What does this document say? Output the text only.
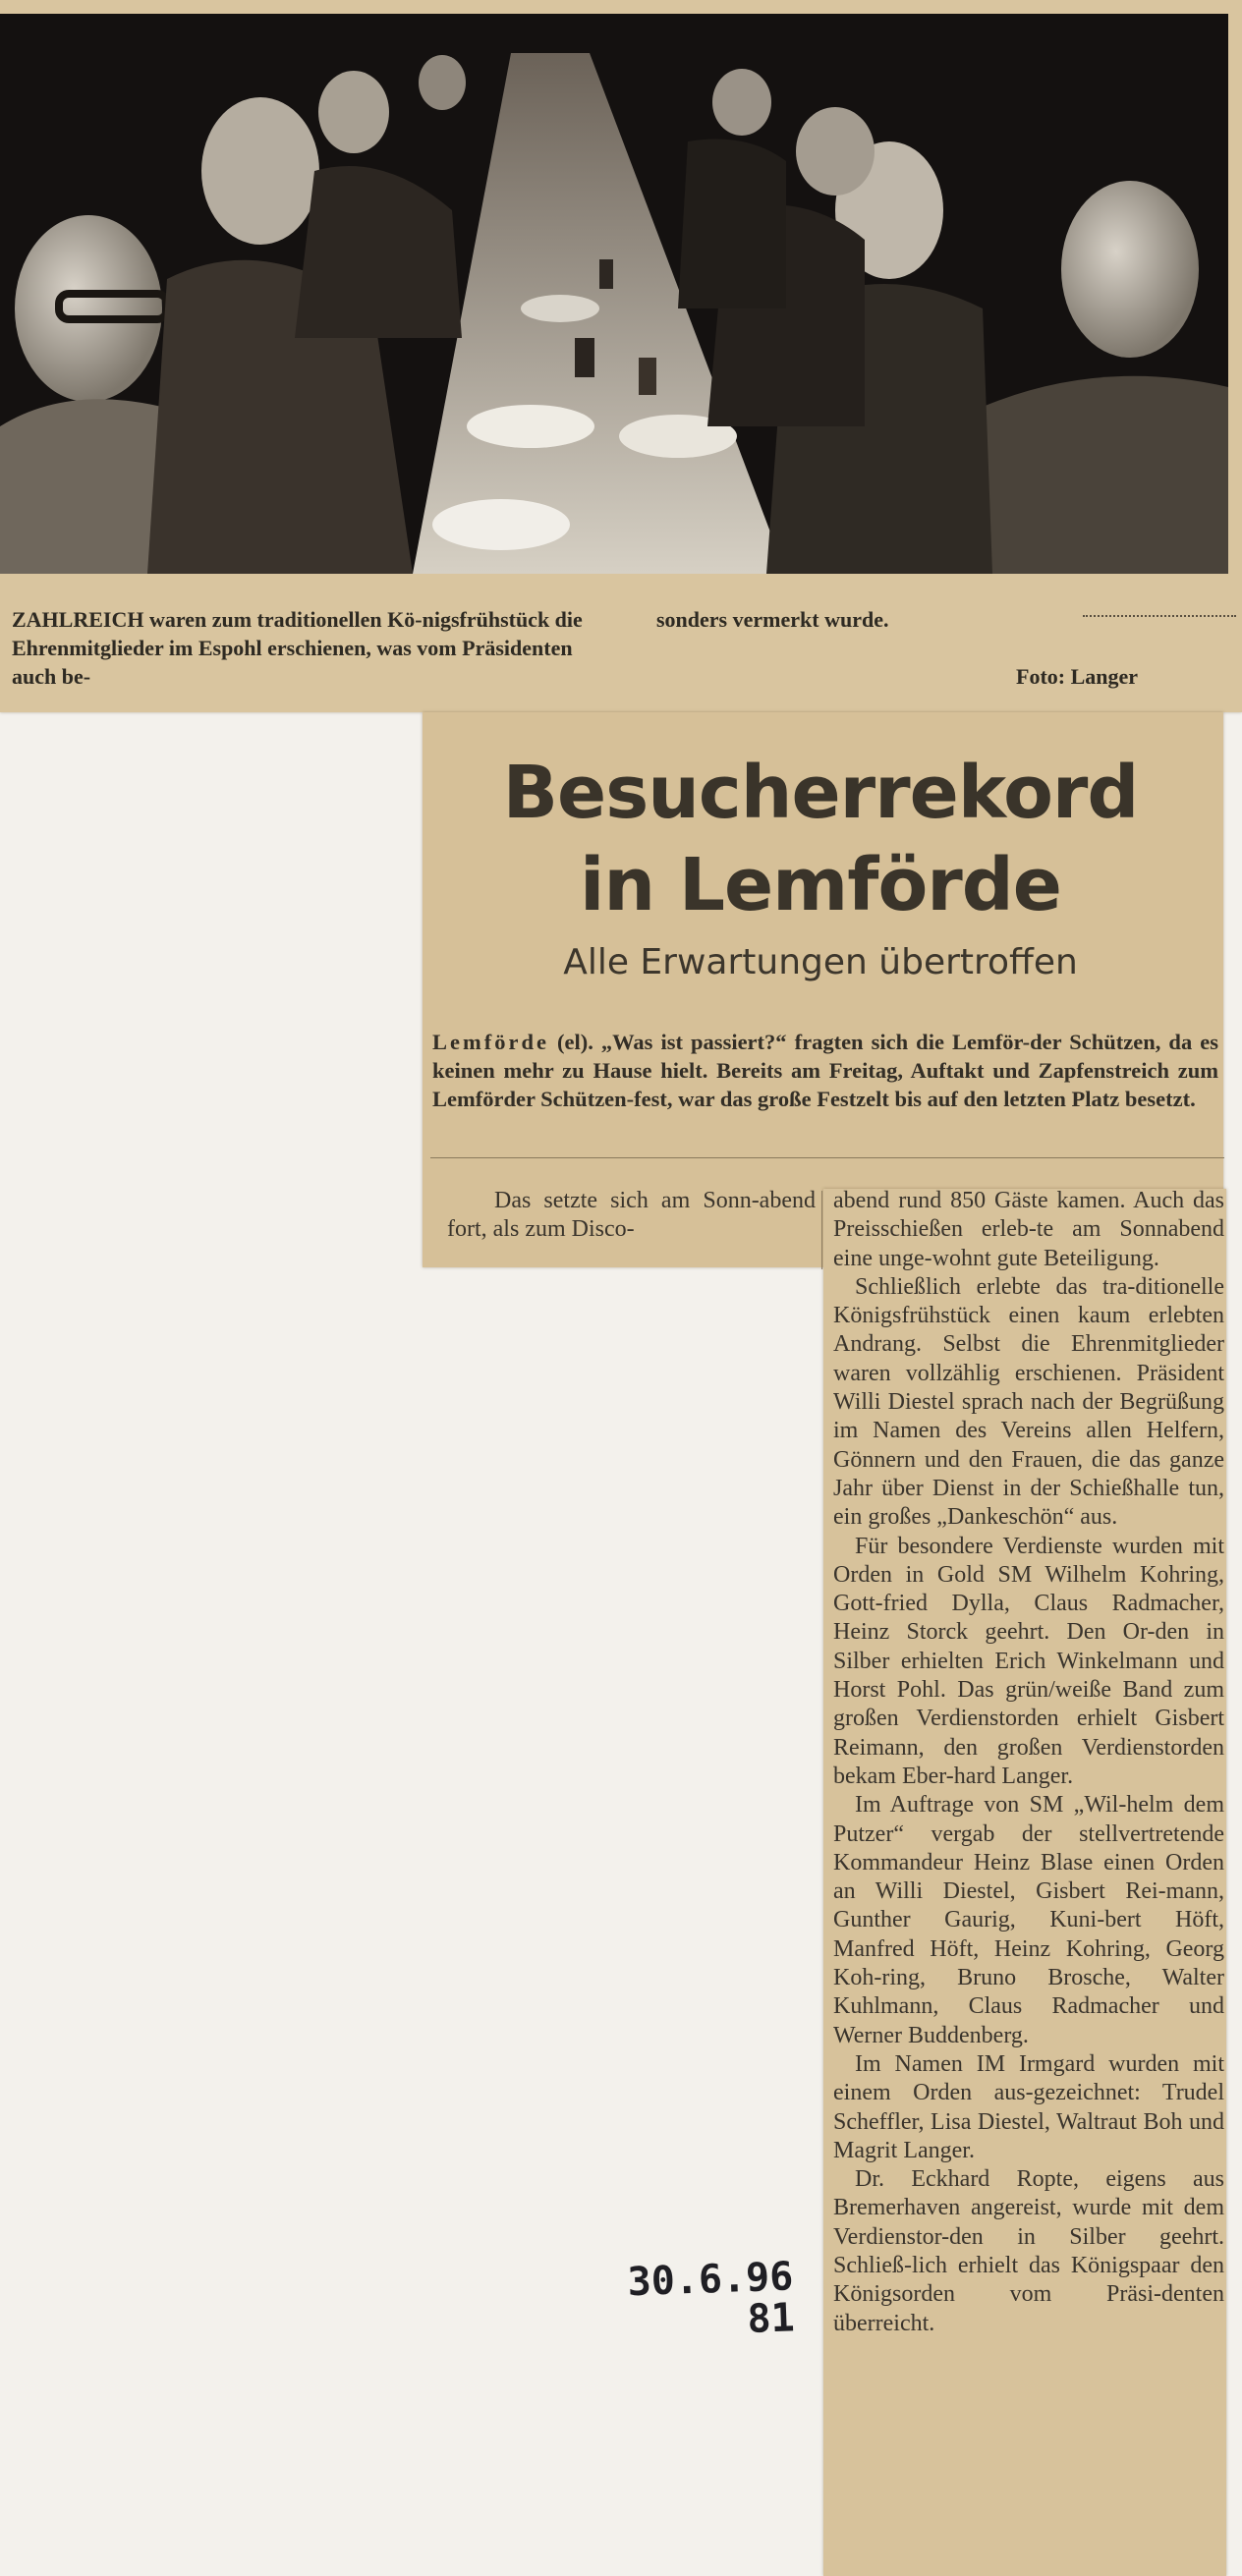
ZAHLREICH waren zum traditionellen Kö-nigsfrühstück die Ehrenmitglieder im Espohl erschienen, was vom Präsidenten auch be-
sonders vermerkt wurde.
Foto: Langer
Besucherrekord
in Lemförde
Alle Erwartungen übertroffen
Lemförde (el). „Was ist passiert?“ fragten sich die Lemför-der Schützen, da es keinen mehr zu Hause hielt. Bereits am Freitag, Auftakt und Zapfenstreich zum Lemförder Schützen-fest, war das große Festzelt bis auf den letzten Platz besetzt.

Das setzte sich am Sonn-abend fort, als zum Disco-

abend rund 850 Gäste kamen. Auch das Preisschießen erleb-te am Sonnabend eine unge-wohnt gute Beteiligung.

Schließlich erlebte das tra-ditionelle Königsfrühstück einen kaum erlebten Andrang. Selbst die Ehrenmitglieder waren vollzählig erschienen. Präsident Willi Diestel sprach nach der Begrüßung im Namen des Vereins allen Helfern, Gönnern und den Frauen, die das ganze Jahr über Dienst in der Schießhalle tun, ein großes „Dankeschön“ aus.

Für besondere Verdienste wurden mit Orden in Gold SM Wilhelm Kohring, Gott-fried Dylla, Claus Radmacher, Heinz Storck geehrt. Den Or-den in Silber erhielten Erich Winkelmann und Horst Pohl. Das grün/weiße Band zum großen Verdienstorden erhielt Gisbert Reimann, den großen Verdienstorden bekam Eber-hard Langer.

Im Auftrage von SM „Wil-helm dem Putzer“ vergab der stellvertretende Kommandeur Heinz Blase einen Orden an Willi Diestel, Gisbert Rei-mann, Gunther Gaurig, Kuni-bert Höft, Manfred Höft, Heinz Kohring, Georg Koh-ring, Bruno Brosche, Walter Kuhlmann, Claus Radmacher und Werner Buddenberg.

Im Namen IM Irmgard wurden mit einem Orden aus-gezeichnet: Trudel Scheffler, Lisa Diestel, Waltraut Boh und Magrit Langer.

Dr. Eckhard Ropte, eigens aus Bremerhaven angereist, wurde mit dem Verdienstor-den in Silber geehrt. Schließ-lich erhielt das Königspaar den Königsorden vom Präsi-denten überreicht.

30.6.96
81
